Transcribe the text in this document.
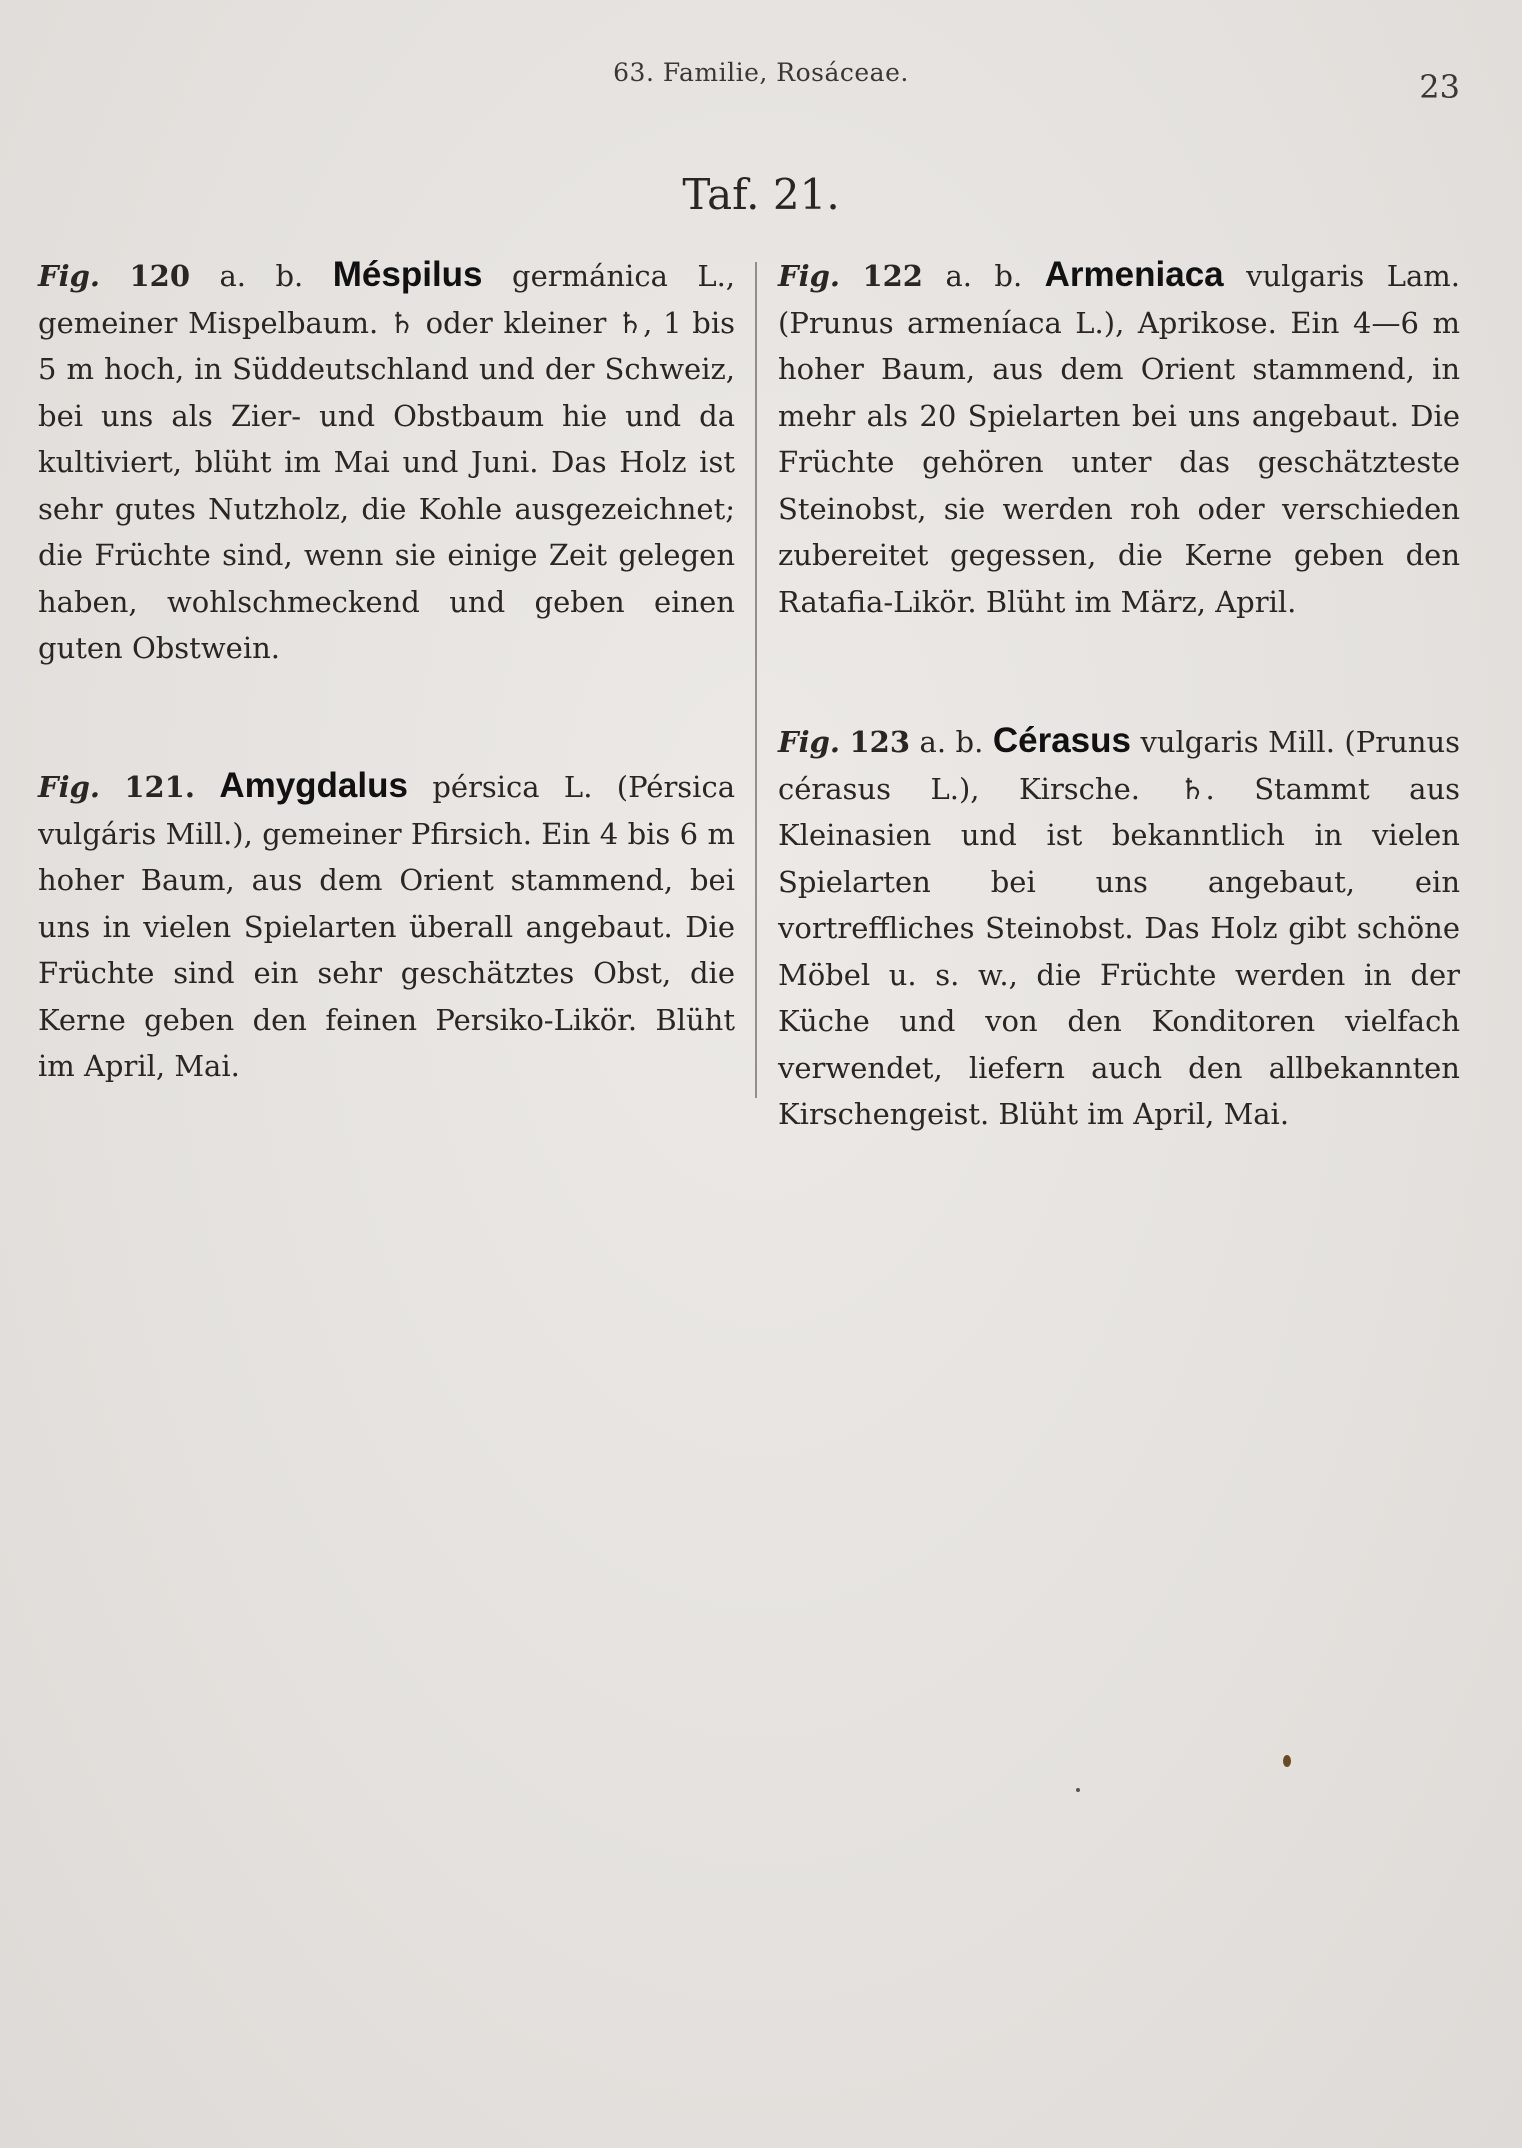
63. Familie, Rosáceae.	23
Taf. 21.

Fig. 120 a. b. Méspilus germánica L., gemeiner Mispelbaum. ♄ oder kleiner ♄, 1 bis 5 m hoch, in Süddeutschland und der Schweiz, bei uns als Zier- und Obstbaum hie und da kultiviert, blüht im Mai und Juni. Das Holz ist sehr gutes Nutzholz, die Kohle ausgezeichnet; die Früchte sind, wenn sie einige Zeit gelegen haben, wohlschmeckend und geben einen guten Obstwein.

Fig. 121. Amygdalus pérsica L. (Pérsica vulgáris Mill.), gemeiner Pfirsich. Ein 4 bis 6 m hoher Baum, aus dem Orient stammend, bei uns in vielen Spielarten überall angebaut. Die Früchte sind ein sehr geschätztes Obst, die Kerne geben den feinen Persiko-Likör. Blüht im April, Mai.

Fig. 122 a. b. Armeniaca vulgaris Lam. (Prunus armeníaca L.), Aprikose. Ein 4—6 m hoher Baum, aus dem Orient stammend, in mehr als 20 Spielarten bei uns angebaut. Die Früchte gehören unter das geschätzteste Steinobst, sie werden roh oder verschieden zubereitet gegessen, die Kerne geben den Ratafia-Likör. Blüht im März, April.

Fig. 123 a. b. Cérasus vulgaris Mill. (Prunus cérasus L.), Kirsche. ♄. Stammt aus Kleinasien und ist bekanntlich in vielen Spielarten bei uns angebaut, ein vortreffliches Steinobst. Das Holz gibt schöne Möbel u. s. w., die Früchte werden in der Küche und von den Konditoren vielfach verwendet, liefern auch den allbekannten Kirschengeist. Blüht im April, Mai.
